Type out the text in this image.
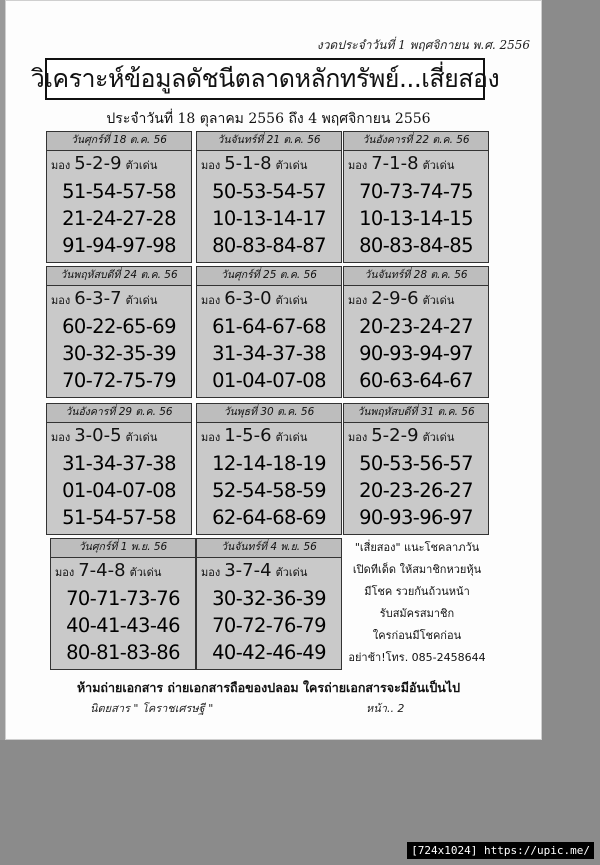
งวดประจำวันที่ 1 พฤศจิกายน พ.ศ. 2556
วิเคราะห์ข้อมูลดัชนีตลาดหลักทรัพย์...เสี่ยสอง
ประจำวันที่ 18 ตุลาคม 2556 ถึง 4 พฤศจิกายน 2556
วันศุกร์ที่ 18 ต.ค. 56
มอง 5-2-9 ตัวเด่น
51-54-57-58
21-24-27-28
91-94-97-98
วันจันทร์ที่ 21 ต.ค. 56
มอง 5-1-8 ตัวเด่น
50-53-54-57
10-13-14-17
80-83-84-87
วันอังคารที่ 22 ต.ค. 56
มอง 7-1-8 ตัวเด่น
70-73-74-75
10-13-14-15
80-83-84-85
วันพฤหัสบดีที่ 24 ต.ค. 56
มอง 6-3-7 ตัวเด่น
60-22-65-69
30-32-35-39
70-72-75-79
วันศุกร์ที่ 25 ต.ค. 56
มอง 6-3-0 ตัวเด่น
61-64-67-68
31-34-37-38
01-04-07-08
วันจันทร์ที่ 28 ต.ค. 56
มอง 2-9-6 ตัวเด่น
20-23-24-27
90-93-94-97
60-63-64-67
วันอังคารที่ 29 ต.ค. 56
มอง 3-0-5 ตัวเด่น
31-34-37-38
01-04-07-08
51-54-57-58
วันพุธที่ 30 ต.ค. 56
มอง 1-5-6 ตัวเด่น
12-14-18-19
52-54-58-59
62-64-68-69
วันพฤหัสบดีที่ 31 ต.ค. 56
มอง 5-2-9 ตัวเด่น
50-53-56-57
20-23-26-27
90-93-96-97
วันศุกร์ที่ 1 พ.ย. 56
มอง 7-4-8 ตัวเด่น
70-71-73-76
40-41-43-46
80-81-83-86
วันจันทร์ที่ 4 พ.ย. 56
มอง 3-7-4 ตัวเด่น
30-32-36-39
70-72-76-79
40-42-46-49
"เสี่ยสอง" แนะโชคลาภวัน
เปิดทีเด็ด ให้สมาชิกหวยหุ้น
มีโชค รวยกันถ้วนหน้า
รับสมัครสมาชิก
ใครก่อนมีโชคก่อน
อย่าช้า!โทร. 085-2458644
ห้ามถ่ายเอกสาร ถ่ายเอกสารถือของปลอม ใครถ่ายเอกสารจะมีอันเป็นไป
นิตยสาร " โคราชเศรษฐี "	หน้า.. 2
[724x1024] https://upic.me/
